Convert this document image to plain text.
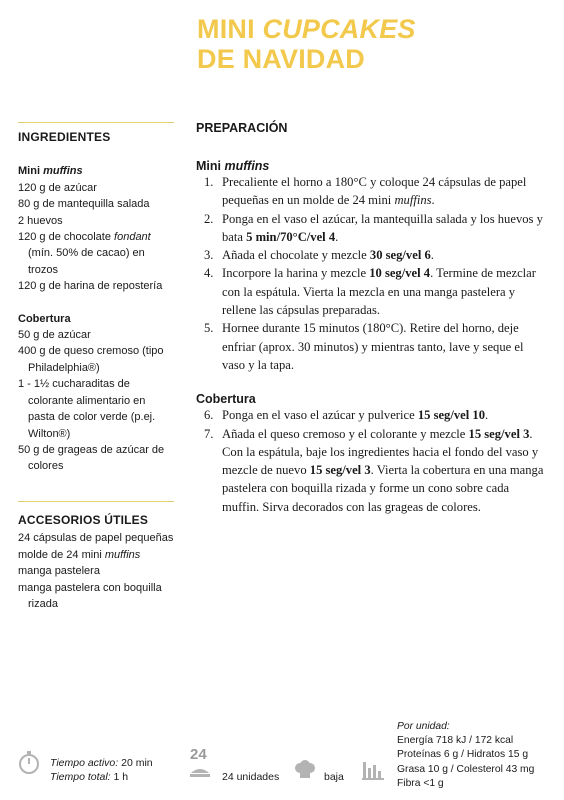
MINI CUPCAKES
DE NAVIDAD
INGREDIENTES
Mini muffins
120 g de azúcar
80 g de mantequilla salada
2 huevos
120 g de chocolate fondant (mín. 50% de cacao) en trozos
120 g de harina de repostería
Cobertura
50 g de azúcar
400 g de queso cremoso (tipo Philadelphia®)
1 - 1½ cucharaditas de colorante alimentario en pasta de color verde (p.ej. Wilton®)
50 g de grageas de azúcar de colores
ACCESORIOS ÚTILES
24 cápsulas de papel pequeñas
molde de 24 mini muffins
manga pastelera
manga pastelera con boquilla rizada
PREPARACIÓN
Mini muffins
1. Precaliente el horno a 180°C y coloque 24 cápsulas de papel pequeñas en un molde de 24 mini muffins.
2. Ponga en el vaso el azúcar, la mantequilla salada y los huevos y bata 5 min/70°C/vel 4.
3. Añada el chocolate y mezcle 30 seg/vel 6.
4. Incorpore la harina y mezcle 10 seg/vel 4. Termine de mezclar con la espátula. Vierta la mezcla en una manga pastelera y rellene las cápsulas preparadas.
5. Hornee durante 15 minutos (180°C). Retire del horno, deje enfriar (aprox. 30 minutos) y mientras tanto, lave y seque el vaso y la tapa.
Cobertura
6. Ponga en el vaso el azúcar y pulverice 15 seg/vel 10.
7. Añada el queso cremoso y el colorante y mezcle 15 seg/vel 3. Con la espátula, baje los ingredientes hacia el fondo del vaso y mezcle de nuevo 15 seg/vel 3. Vierta la cobertura en una manga pastelera con boquilla rizada y forme un cono sobre cada muffin. Sirva decorados con las grageas de colores.
Tiempo activo: 20 min
Tiempo total: 1 h
24
24 unidades	baja
Por unidad:
Energía 718 kJ / 172 kcal
Proteínas 6 g / Hidratos 15 g
Grasa 10 g / Colesterol 43 mg
Fibra <1 g
